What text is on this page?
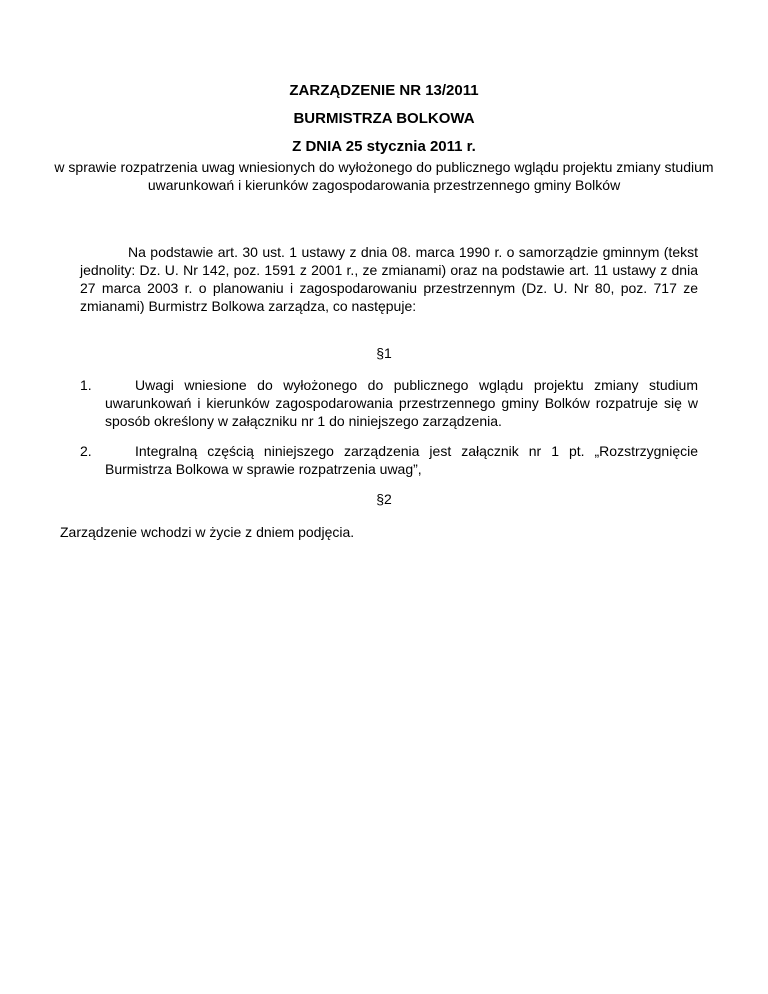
ZARZĄDZENIE NR 13/2011
BURMISTRZA BOLKOWA
Z DNIA 25 stycznia 2011 r.
w sprawie rozpatrzenia uwag wniesionych do wyłożonego do publicznego wglądu projektu zmiany studium uwarunkowań i kierunków zagospodarowania przestrzennego gminy Bolków
Na podstawie art. 30 ust. 1 ustawy z dnia 08. marca 1990 r. o samorządzie gminnym (tekst jednolity: Dz. U. Nr 142, poz. 1591 z 2001 r., ze zmianami) oraz na podstawie art. 11 ustawy z dnia 27 marca 2003 r. o planowaniu i zagospodarowaniu przestrzennym (Dz. U. Nr 80, poz. 717 ze zmianami) Burmistrz Bolkowa zarządza, co następuje:
§1
1.	Uwagi wniesione do wyłożonego do publicznego wglądu projektu zmiany studium uwarunkowań i kierunków zagospodarowania przestrzennego gminy Bolków rozpatruje się w sposób określony w załączniku nr 1 do niniejszego zarządzenia.
2.	Integralną częścią niniejszego zarządzenia jest załącznik nr 1 pt. „Rozstrzygnięcie Burmistrza Bolkowa w sprawie rozpatrzenia uwag”,
§2
Zarządzenie wchodzi w życie z dniem podjęcia.
